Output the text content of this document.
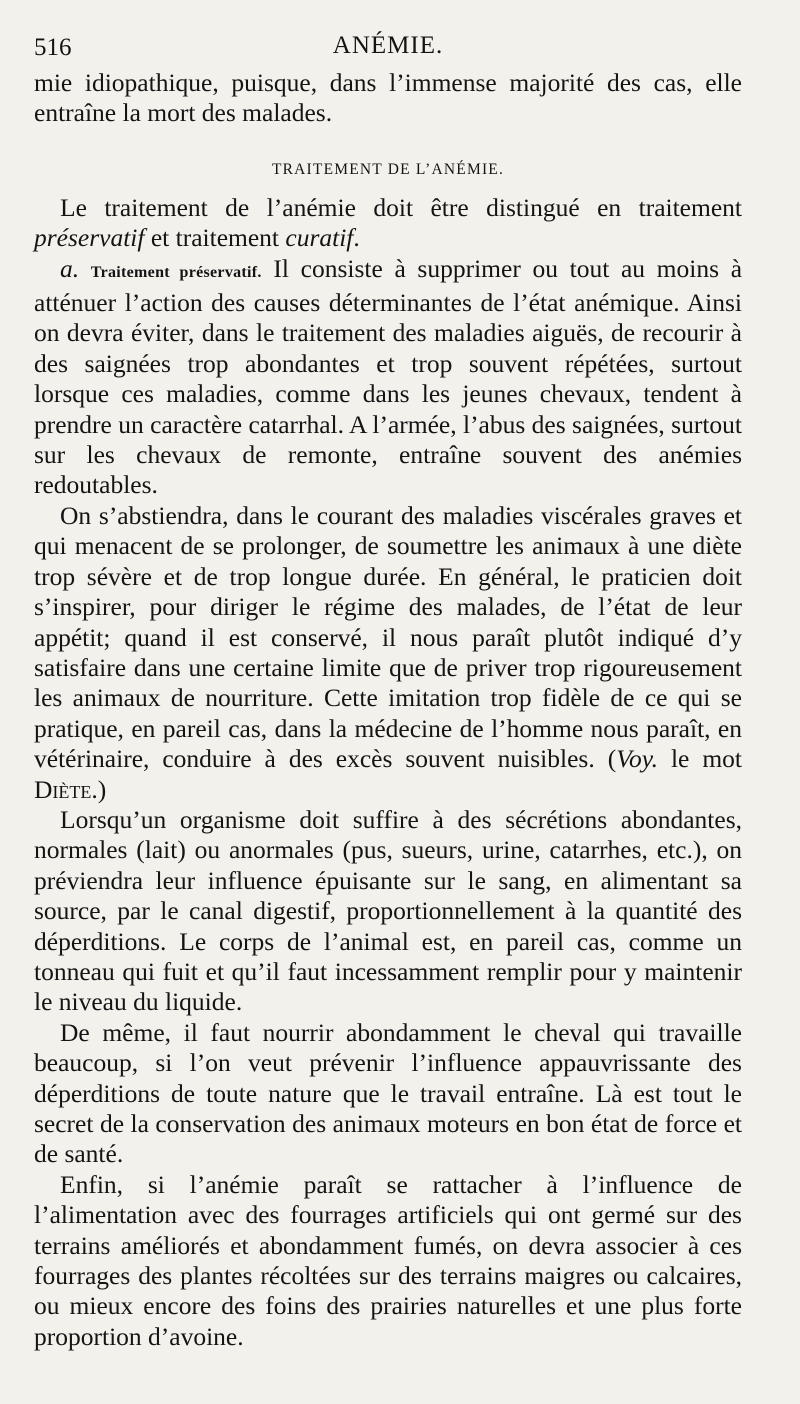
516	ANÉMIE.

mie idiopathique, puisque, dans l’immense majorité des cas, elle entraîne la mort des malades.

TRAITEMENT DE L’ANÉMIE.

Le traitement de l’anémie doit être distingué en traitement préservatif et traitement curatif.

a. Traitement préservatif. Il consiste à supprimer ou tout au moins à atténuer l’action des causes déterminantes de l’état anémique. Ainsi on devra éviter, dans le traitement des maladies aiguës, de recourir à des saignées trop abondantes et trop souvent répétées, surtout lorsque ces maladies, comme dans les jeunes chevaux, tendent à prendre un caractère catarrhal. A l’armée, l’abus des saignées, surtout sur les chevaux de remonte, entraîne souvent des anémies redoutables.

On s’abstiendra, dans le courant des maladies viscérales graves et qui menacent de se prolonger, de soumettre les animaux à une diète trop sévère et de trop longue durée. En général, le praticien doit s’inspirer, pour diriger le régime des malades, de l’état de leur appétit; quand il est conservé, il nous paraît plutôt indiqué d’y satisfaire dans une certaine limite que de priver trop rigoureusement les animaux de nourriture. Cette imitation trop fidèle de ce qui se pratique, en pareil cas, dans la médecine de l’homme nous paraît, en vétérinaire, conduire à des excès souvent nuisibles. (Voy. le mot Diète.)

Lorsqu’un organisme doit suffire à des sécrétions abondantes, normales (lait) ou anormales (pus, sueurs, urine, catarrhes, etc.), on préviendra leur influence épuisante sur le sang, en alimentant sa source, par le canal digestif, proportionnellement à la quantité des déperditions. Le corps de l’animal est, en pareil cas, comme un tonneau qui fuit et qu’il faut incessamment remplir pour y maintenir le niveau du liquide.

De même, il faut nourrir abondamment le cheval qui travaille beaucoup, si l’on veut prévenir l’influence appauvrissante des déperditions de toute nature que le travail entraîne. Là est tout le secret de la conservation des animaux moteurs en bon état de force et de santé.

Enfin, si l’anémie paraît se rattacher à l’influence de l’alimentation avec des fourrages artificiels qui ont germé sur des terrains améliorés et abondamment fumés, on devra associer à ces fourrages des plantes récoltées sur des terrains maigres ou calcaires, ou mieux encore des foins des prairies naturelles et une plus forte proportion d’avoine.
